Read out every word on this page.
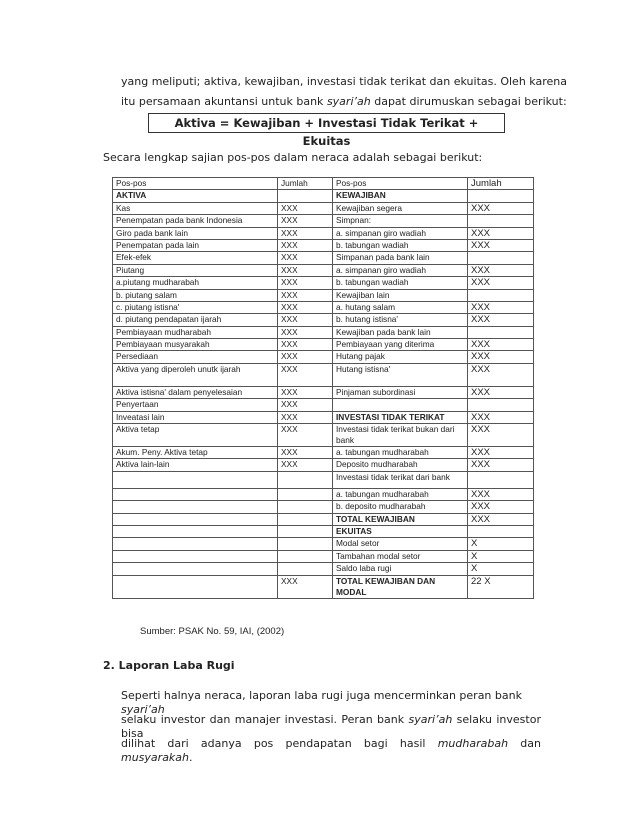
yang meliputi; aktiva, kewajiban, investasi tidak terikat dan ekuitas. Oleh karena
itu persamaan akuntansi untuk bank syari’ah dapat dirumuskan sebagai berikut:
Aktiva = Kewajiban + Investasi Tidak Terikat + Ekuitas
Secara lengkap sajian pos-pos dalam neraca adalah sebagai berikut:
Pos-pos	Jumlah	Pos-pos	Jumlah
AKTIVA		KEWAJIBAN	
Kas	XXX	Kewajiban segera	XXX
Penempatan pada bank Indonesia	XXX	Simpnan:	
Giro pada bank lain	XXX	a. simpanan giro wadiah	XXX
Penempatan pada lain	XXX	b. tabungan wadiah	XXX
Efek-efek	XXX	Simpanan pada bank lain	
Piutang	XXX	a. simpanan giro wadiah	XXX
a.piutang mudharabah	XXX	b. tabungan wadiah	XXX
b. piutang salam	XXX	Kewajiban lain	
c. piutang istisna'	XXX	a. hutang salam	XXX
d. piutang pendapatan ijarah	XXX	b. hutang istisna'	XXX
Pembiayaan mudharabah	XXX	Kewajiban pada bank lain	
Pembiayaan musyarakah	XXX	Pembiayaan yang diterima	XXX
Persediaan	XXX	Hutang pajak	XXX
Aktiva yang diperoleh unutk ijarah	XXX	Hutang istisna'	XXX
Aktiva istisna' dalam penyelesaian	XXX	Pinjaman subordinasi	XXX
Penyertaan	XXX		
Inveatasi lain	XXX	INVESTASI TIDAK TERIKAT	XXX
Aktiva tetap	XXX	Investasi tidak terikat bukan dari bank	XXX
Akum. Peny. Aktiva tetap	XXX	a. tabungan mudharabah	XXX
Aktiva lain-lain	XXX	Deposito mudharabah	XXX
		Investasi tidak terikat dari bank	
		a. tabungan mudharabah	XXX
		b. deposito mudharabah	XXX
		TOTAL KEWAJIBAN	XXX
		EKUITAS	
		Modal setor	X
		Tambahan modal setor	X
		Saldo laba rugi	X
	XXX	TOTAL KEWAJIBAN DAN MODAL	22 X
Sumber: PSAK No. 59, IAI, (2002)
2. Laporan Laba Rugi
Seperti halnya neraca, laporan laba rugi juga mencerminkan peran bank syari’ah
selaku investor dan manajer investasi. Peran bank syari’ah selaku investor bisa
dilihat dari adanya pos pendapatan bagi hasil mudharabah dan musyarakah.
